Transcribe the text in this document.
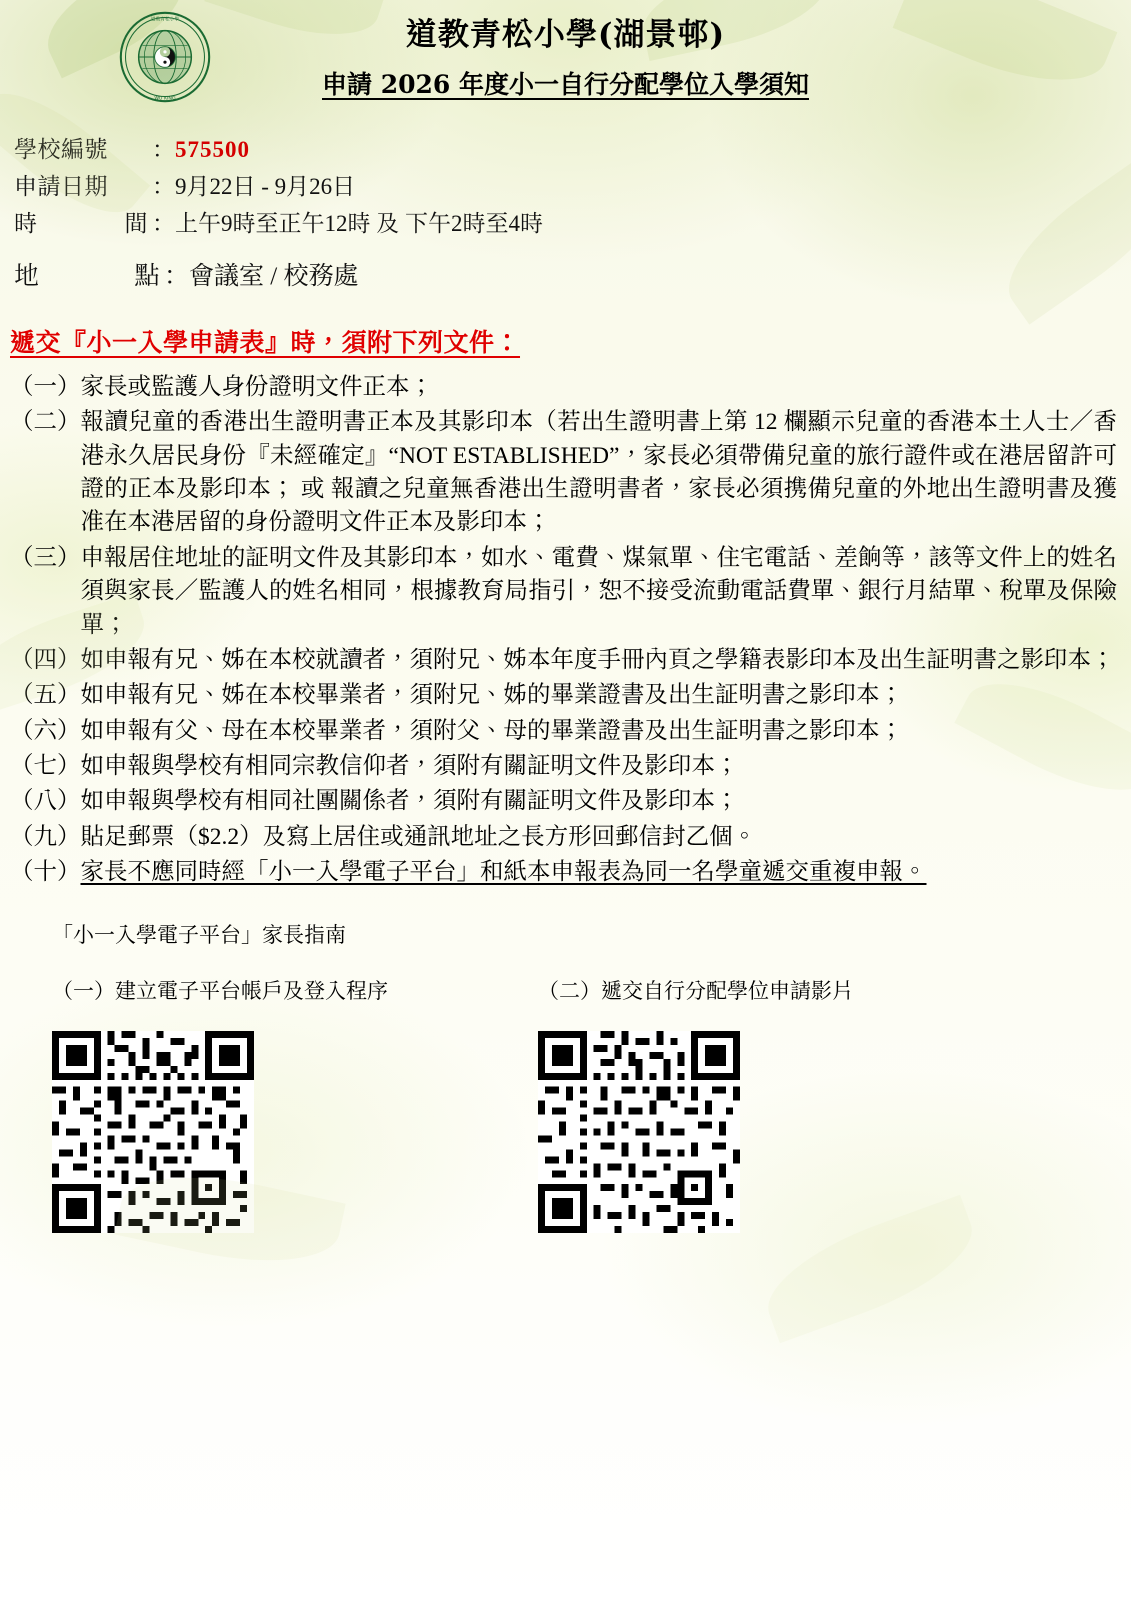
道教青松小學
WU KING
道教青松小學(湖景邨)
申請 2026 年度小一自行分配學位入學須知
學校編號	： 575500
申請日期	： 9月22日 - 9月26日
時	間 ： 上午9時至正午12時 及 下午2時至4時
地	點 ： 會議室 / 校務處
遞交『小一入學申請表』時，須附下列文件：
（一） 家長或監護人身份證明文件正本；
（二） 報讀兒童的香港出生證明書正本及其影印本（若出生證明書上第 12 欄顯示兒童的香港本土人士／香港永久居民身份『未經確定』“NOT ESTABLISHED”，家長必須帶備兒童的旅行證件或在港居留許可證的正本及影印本； 或 報讀之兒童無香港出生證明書者，家長必須携備兒童的外地出生證明書及獲准在本港居留的身份證明文件正本及影印本；
（三） 申報居住地址的証明文件及其影印本，如水、電費、煤氣單、住宅電話、差餉等，該等文件上的姓名須與家長／監護人的姓名相同，根據教育局指引，恕不接受流動電話費單、銀行月結單、稅單及保險單；
（四） 如申報有兄、姊在本校就讀者，須附兄、姊本年度手冊內頁之學籍表影印本及出生証明書之影印本；
（五） 如申報有兄、姊在本校畢業者，須附兄、姊的畢業證書及出生証明書之影印本；
（六） 如申報有父、母在本校畢業者，須附父、母的畢業證書及出生証明書之影印本；
（七） 如申報與學校有相同宗教信仰者，須附有關証明文件及影印本；
（八） 如申報與學校有相同社團關係者，須附有關証明文件及影印本；
（九） 貼足郵票（$2.2）及寫上居住或通訊地址之長方形回郵信封乙個。
（十） 家長不應同時經「小一入學電子平台」和紙本申報表為同一名學童遞交重複申報。
「小一入學電子平台」家長指南
（一）建立電子平台帳戶及登入程序	（二）遞交自行分配學位申請影片
